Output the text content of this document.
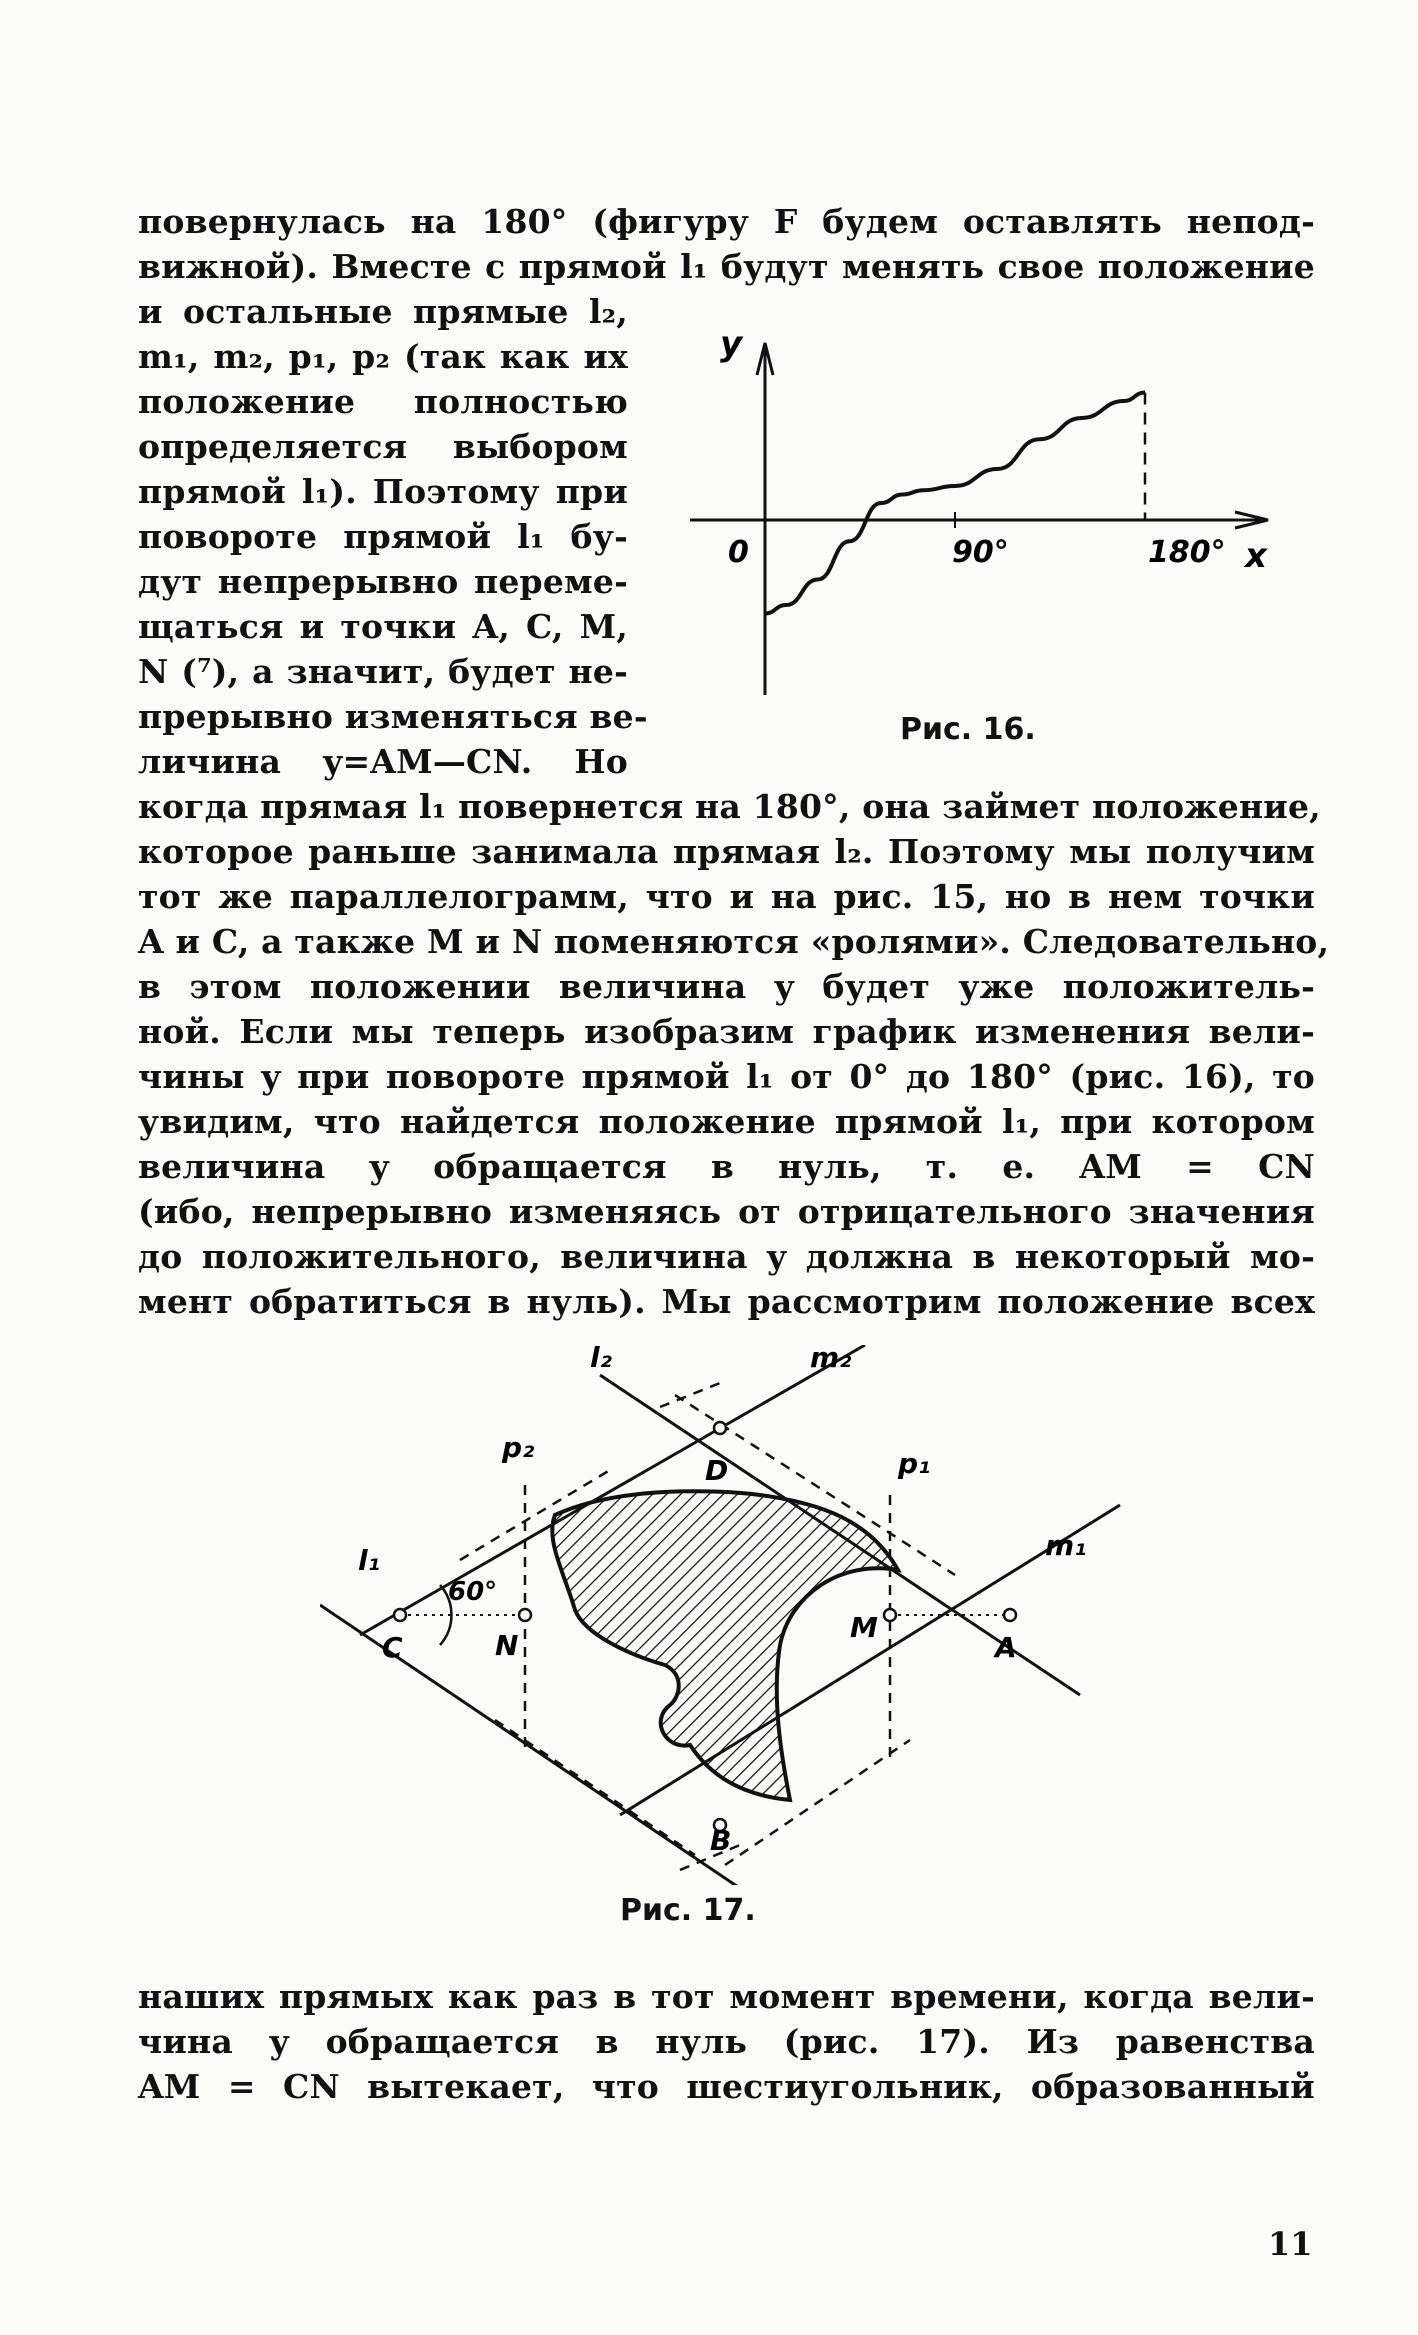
повернулась на 180° (фигуру F будем оставлять непод-
вижной). Вместе с прямой l₁ будут менять свое положение
и остальные прямые l₂,
m₁, m₂, p₁, p₂ (так как их
положение полностью
определяется выбором
прямой l₁). Поэтому при
повороте прямой l₁ бу-
дут непрерывно переме-
щаться и точки A, C, M,
N (⁷), а значит, будет не-
прерывно изменяться ве-
личина y=AM—CN. Но
y
0	90°	180° x
Рис. 16.
когда прямая l₁ повернется на 180°, она займет положение,
которое раньше занимала прямая l₂. Поэтому мы получим
тот же параллелограмм, что и на рис. 15, но в нем точки
A и C, а также M и N поменяются «ролями». Следовательно,
в этом положении величина y будет уже положитель-
ной. Если мы теперь изобразим график изменения вели-
чины y при повороте прямой l₁ от 0° до 180° (рис. 16), то
увидим, что найдется положение прямой l₁, при котором
величина y обращается в нуль, т. е. AM = CN
(ибо, непрерывно изменяясь от отрицательного значения
до положительного, величина y должна в некоторый мо-
мент обратиться в нуль). Мы рассмотрим положение всех
l₂	m₂
p₂	p₁
D
l₁	m₁
60°
C	N
M
A
B
Рис. 17.
наших прямых как раз в тот момент времени, когда вели-
чина y обращается в нуль (рис. 17). Из равенства
AM = CN вытекает, что шестиугольник, образованный
11
